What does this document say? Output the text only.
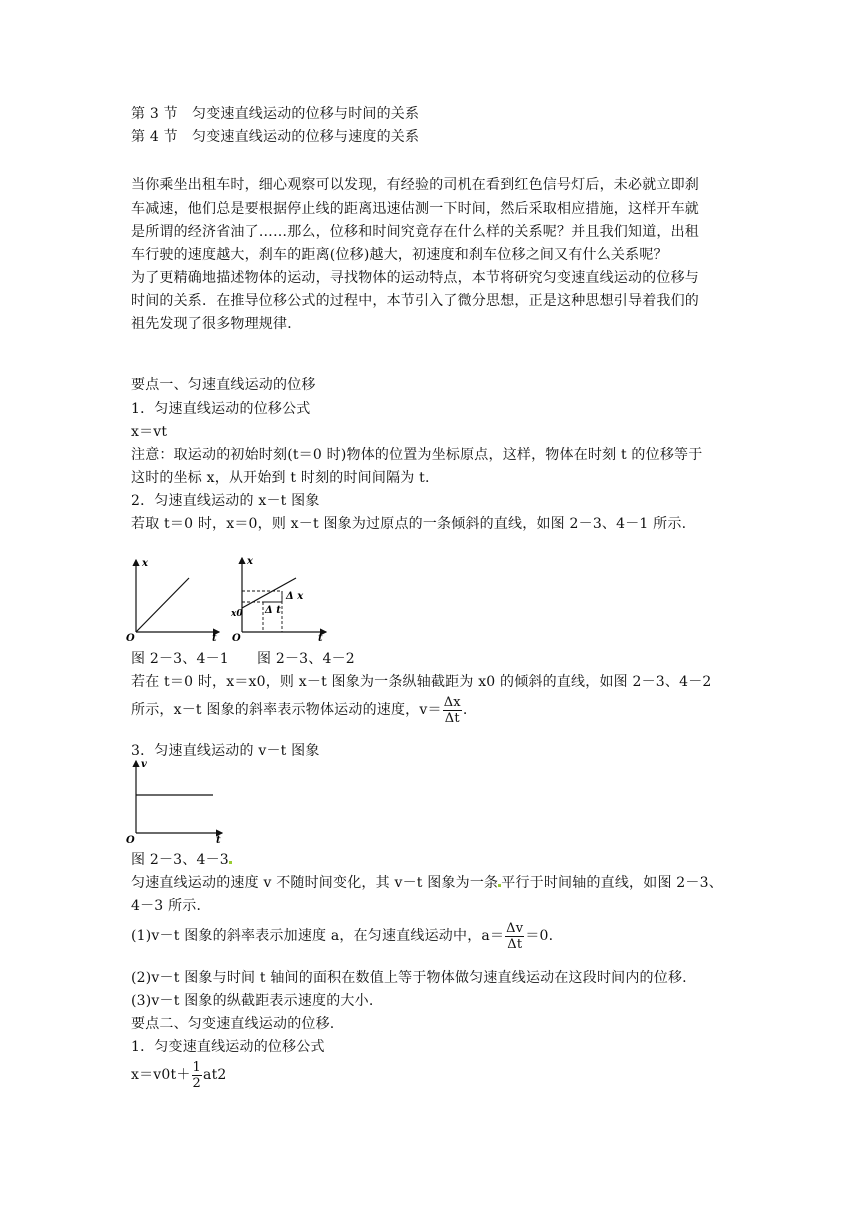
第 3 节　匀变速直线运动的位移与时间的关系
第 4 节　匀变速直线运动的位移与速度的关系
当你乘坐出租车时，细心观察可以发现，有经验的司机在看到红色信号灯后，未必就立即刹
车减速，他们总是要根据停止线的距离迅速估测一下时间，然后采取相应措施，这样开车就
是所谓的经济省油了……那么，位移和时间究竟存在什么样的关系呢？并且我们知道，出租
车行驶的速度越大，刹车的距离(位移)越大，初速度和刹车位移之间又有什么关系呢？
为了更精确地描述物体的运动，寻找物体的运动特点，本节将研究匀变速直线运动的位移与
时间的关系．在推导位移公式的过程中，本节引入了微分思想，正是这种思想引导着我们的
祖先发现了很多物理规律．
要点一、匀速直线运动的位移
1．匀速直线运动的位移公式
x＝vt
注意：取运动的初始时刻(t＝0 时)物体的位置为坐标原点，这样，物体在时刻 t 的位移等于
这时的坐标 x，从开始到 t 时刻的时间间隔为 t.
2．匀速直线运动的 x－t 图象
若取 t＝0 时，x＝0，则 x－t 图象为过原点的一条倾斜的直线，如图 2－3、4－1 所示.
x
t
O
x
t
O
x0
Δ x
Δ t
图 2－3、4－1 图 2－3、4－2
若在 t＝0 时，x＝x0，则 x－t 图象为一条纵轴截距为 x0 的倾斜的直线，如图 2－3、4－2
所示，x－t 图象的斜率表示物体运动的速度，$v= \frac{\Delta x}{\Delta t}$ .
3．匀速直线运动的 v－t 图象
v
t
O
图 2－3、4－3
匀速直线运动的速度 v 不随时间变化，其 v－t 图象为一条 平行于时间轴的直线，如图 2－3、
4－3 所示．
(1)v－t 图象的斜率表示加速度 a，在匀速直线运动中，$a= \frac{\Delta v}{\Delta t} =0$.
(2)v－t 图象与时间 t 轴间的面积在数值上等于物体做匀速直线运动在这段时间内的位移.
(3)v－t 图象的纵截距表示速度的大小.
要点二、匀变速直线运动的位移.
1．匀变速直线运动的位移公式
$x=v0t+ \frac{1}{2} at2$
